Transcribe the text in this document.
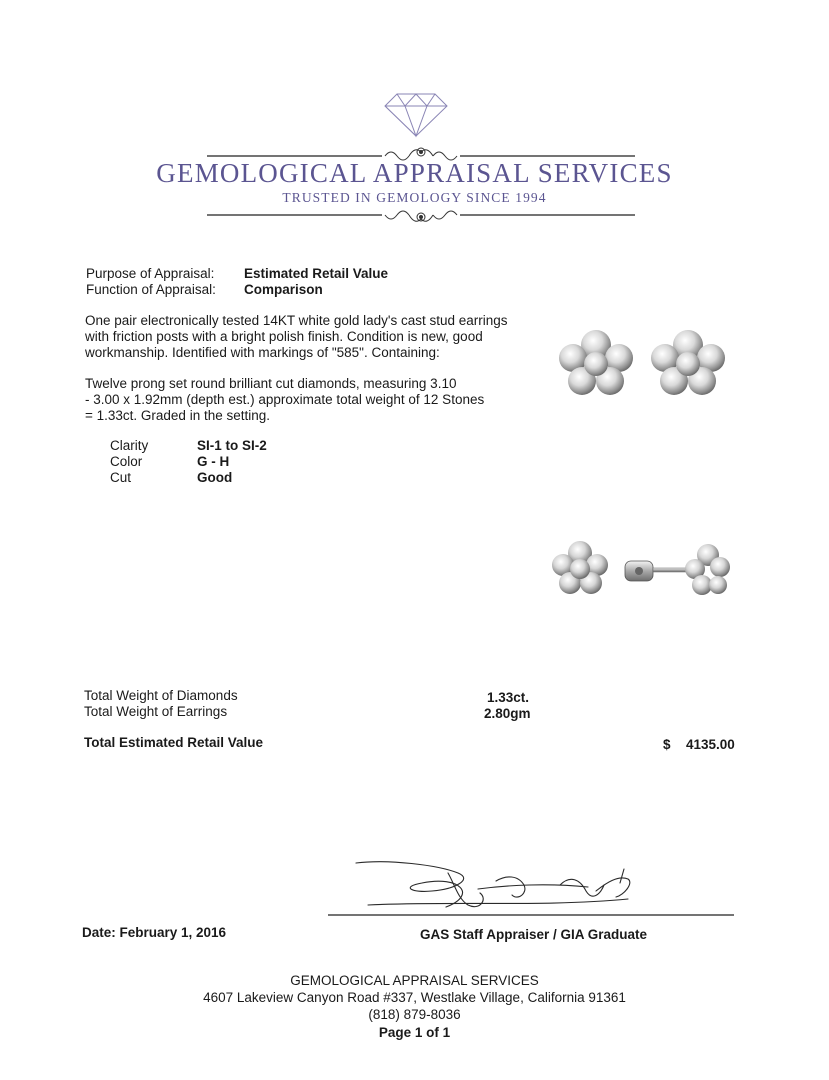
GEMOLOGICAL APPRAISAL SERVICES
TRUSTED IN GEMOLOGY SINCE 1994
Purpose of Appraisal: Estimated Retail Value
Function of Appraisal: Comparison
One pair electronically tested 14KT white gold lady's cast stud earrings
with friction posts with a bright polish finish. Condition is new, good
workmanship. Identified with markings of "585". Containing:
Twelve prong set round brilliant cut diamonds, measuring 3.10
- 3.00 x 1.92mm (depth est.) approximate total weight of 12 Stones
= 1.33ct. Graded in the setting.
Clarity	SI-1 to SI-2
Color	G - H
Cut	Good
Total Weight of Diamonds	1.33ct.
Total Weight of Earrings	2.80gm
Total Estimated Retail Value	$ 4135.00
Date: February 1, 2016	GAS Staff Appraiser / GIA Graduate
GEMOLOGICAL APPRAISAL SERVICES
4607 Lakeview Canyon Road #337, Westlake Village, California 91361
(818) 879-8036
Page 1 of 1
